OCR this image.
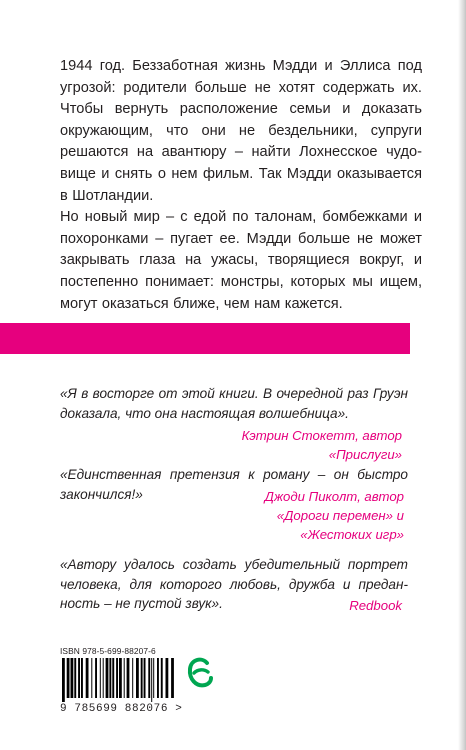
1944 год. Беззаботная жизнь Мэдди и Эллиса под угрозой: родители больше не хотят содержать их. Чтобы вернуть расположение семьи и доказать окружающим, что они не бездельники, супруги решаются на авантюру – найти Лохнесское чудовище и снять о нем фильм. Так Мэдди оказывается в Шотландии.

Но новый мир – с едой по талонам, бомбежками и похоронками – пугает ее. Мэдди больше не может закрывать глаза на ужасы, творящиеся вокруг, и постепенно понимает: монстры, которых мы ищем, могут оказаться ближе, чем нам кажется.

«Я в восторге от этой книги. В очередной раз Груэн доказала, что она настоящая волшебница».
Кэтрин Стокетт, автор «Прислуги»
«Единственная претензия к роману – он быстро закончился!»	Джоди Пиколт, автор
«Дороги перемен» и «Жестоких игр»
«Автору удалось создать убедительный портрет человека, для которого любовь, дружба и преданность – не пустой звук».	Redbook
ISBN 978-5-699-88207-6
9 785699 882076 >
